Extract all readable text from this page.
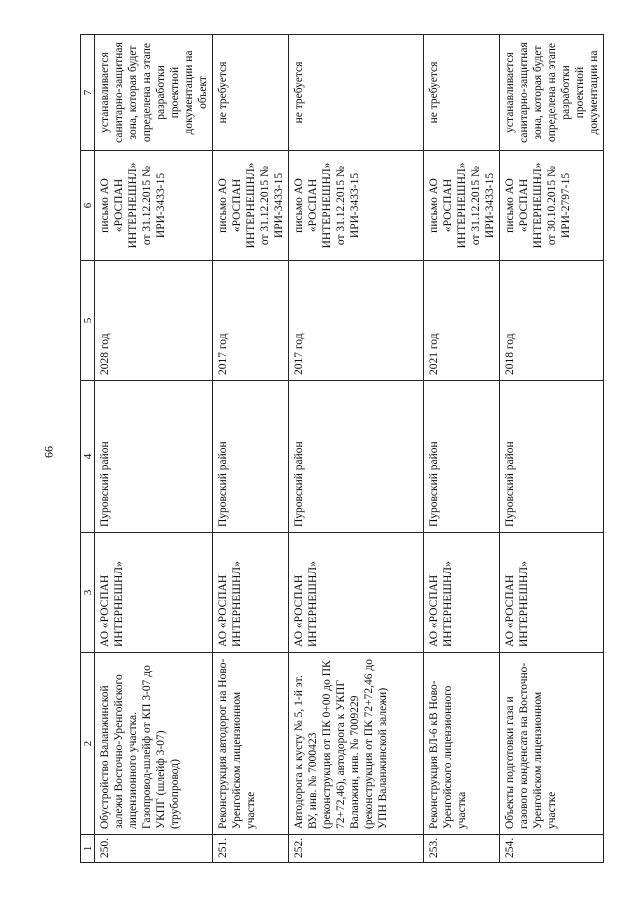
66
1	2	3	4	5	6	7
250.	Обустройство Валанжинской залежи Восточно-Уренгойского лицензионного участка. Газопровод-шлейф от КП 3-07 до УКПГ (шлейф 3-07) (трубопровод)	АО «РОСПАН ИНТЕРНЕШНЛ»	Пуровский район	2028 год	письмо АО «РОСПАН ИНТЕРНЕШНЛ» от 31.12.2015 № ИРИ-3433-15	устанавливается санитарно-защитная зона, которая будет определена на этапе разработки проектной документации на объект
251.	Реконструкция автодорог на Ново-Уренгойском лицензионном участке	АО «РОСПАН ИНТЕРНЕШНЛ»	Пуровский район	2017 год	письмо АО «РОСПАН ИНТЕРНЕШНЛ» от 31.12.2015 № ИРИ-3433-15	не требуется
252.	Автодорога к кусту № 5, 1-й эт. ВУ, инв. № 7000423 (реконструкция от ПК 0+00 до ПК 72+72,46), автодорога к УКПГ Валанжин, инв. № 7009229 (реконструкция от ПК 72+72,46 до УПН Валанжинской залежи)	АО «РОСПАН ИНТЕРНЕШНЛ»	Пуровский район	2017 год	письмо АО «РОСПАН ИНТЕРНЕШНЛ» от 31.12.2015 № ИРИ-3433-15	не требуется
253.	Реконструкция ВЛ-6 кВ Ново-Уренгойского лицензионного участка	АО «РОСПАН ИНТЕРНЕШНЛ»	Пуровский район	2021 год	письмо АО «РОСПАН ИНТЕРНЕШНЛ» от 31.12.2015 № ИРИ-3433-15	не требуется
254.	Объекты подготовки газа и газового конденсата на Восточно-Уренгойском лицензионном участке	АО «РОСПАН ИНТЕРНЕШНЛ»	Пуровский район	2018 год	письмо АО «РОСПАН ИНТЕРНЕШНЛ» от 30.10.2015 № ИРИ-2797-15	устанавливается санитарно-защитная зона, которая будет определена на этапе разработки проектной документации на
